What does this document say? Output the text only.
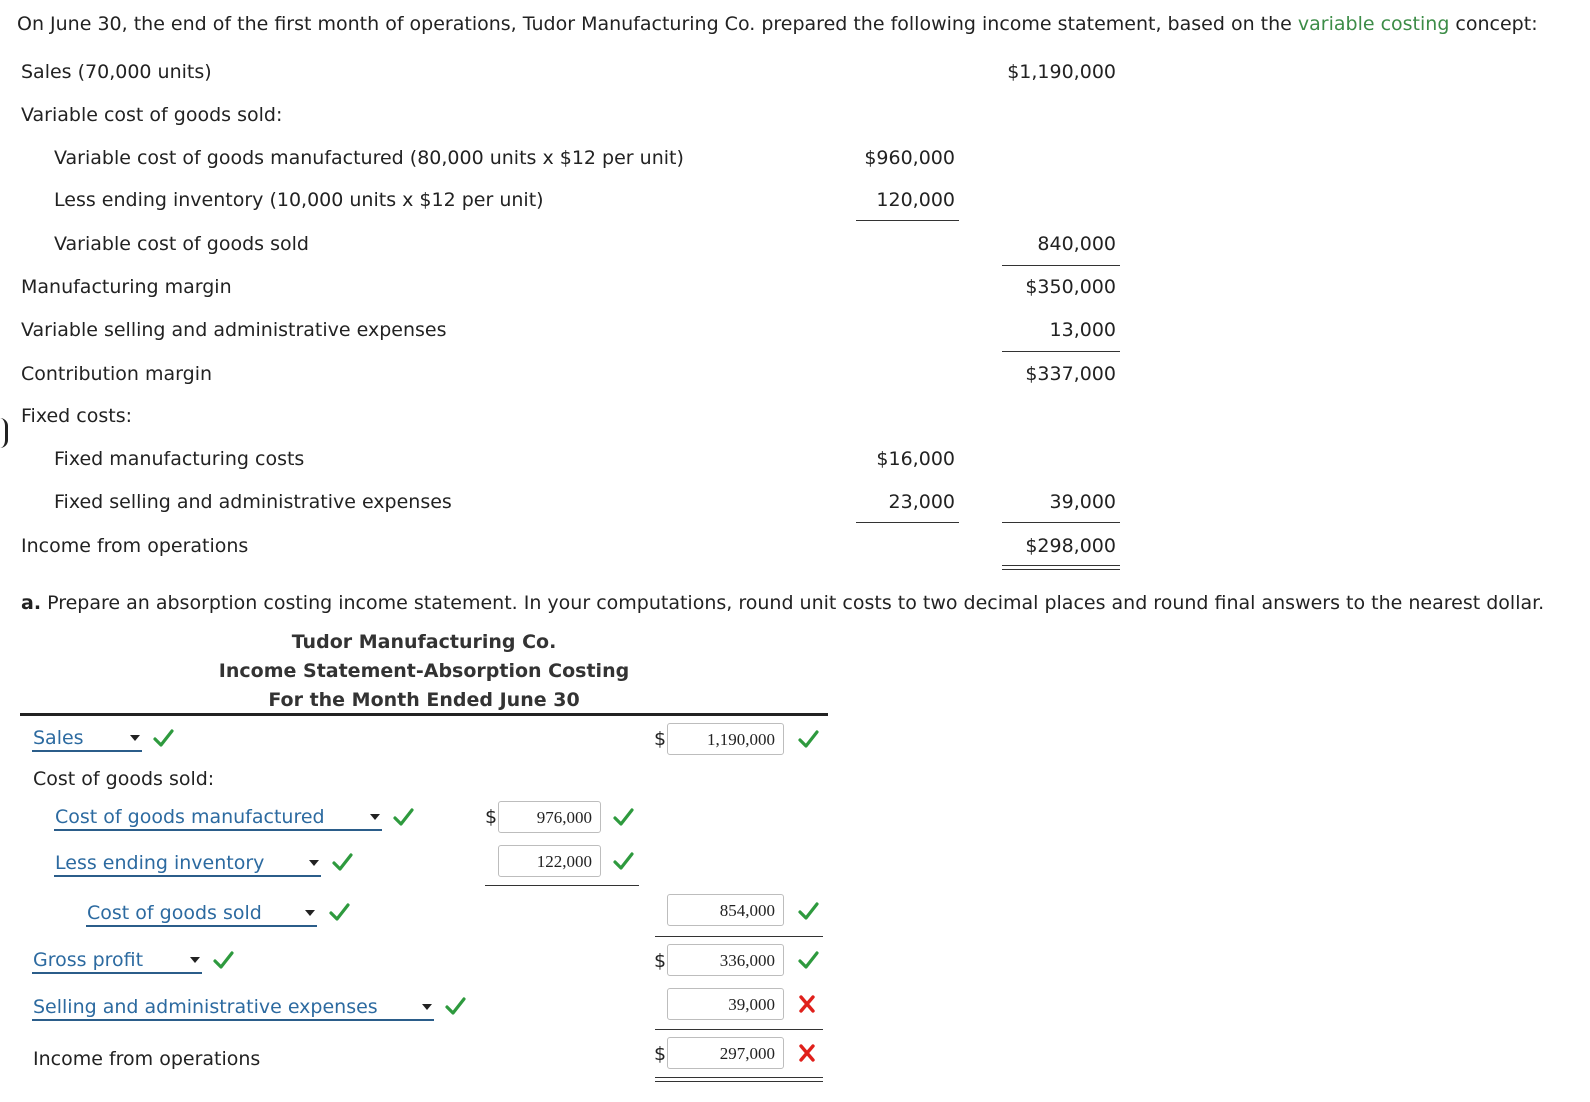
On June 30, the end of the first month of operations, Tudor Manufacturing Co. prepared the following income statement, based on the variable costing concept:
Sales (70,000 units)	$1,190,000
Variable cost of goods sold:
Variable cost of goods manufactured (80,000 units x $12 per unit)	$960,000
Less ending inventory (10,000 units x $12 per unit)	120,000
Variable cost of goods sold	840,000
Manufacturing margin	$350,000
Variable selling and administrative expenses	13,000
Contribution margin	$337,000
Fixed costs:
Fixed manufacturing costs	$16,000
Fixed selling and administrative expenses	23,000	39,000
Income from operations	$298,000
a. Prepare an absorption costing income statement. In your computations, round unit costs to two decimal places and round final answers to the nearest dollar.
Tudor Manufacturing Co.
Income Statement-Absorption Costing
For the Month Ended June 30
Sales	$	1,190,000
Cost of goods sold:
Cost of goods manufactured	$	976,000
Less ending inventory	122,000
Cost of goods sold	854,000
Gross profit	$	336,000
Selling and administrative expenses	39,000
Income from operations	$	297,000
